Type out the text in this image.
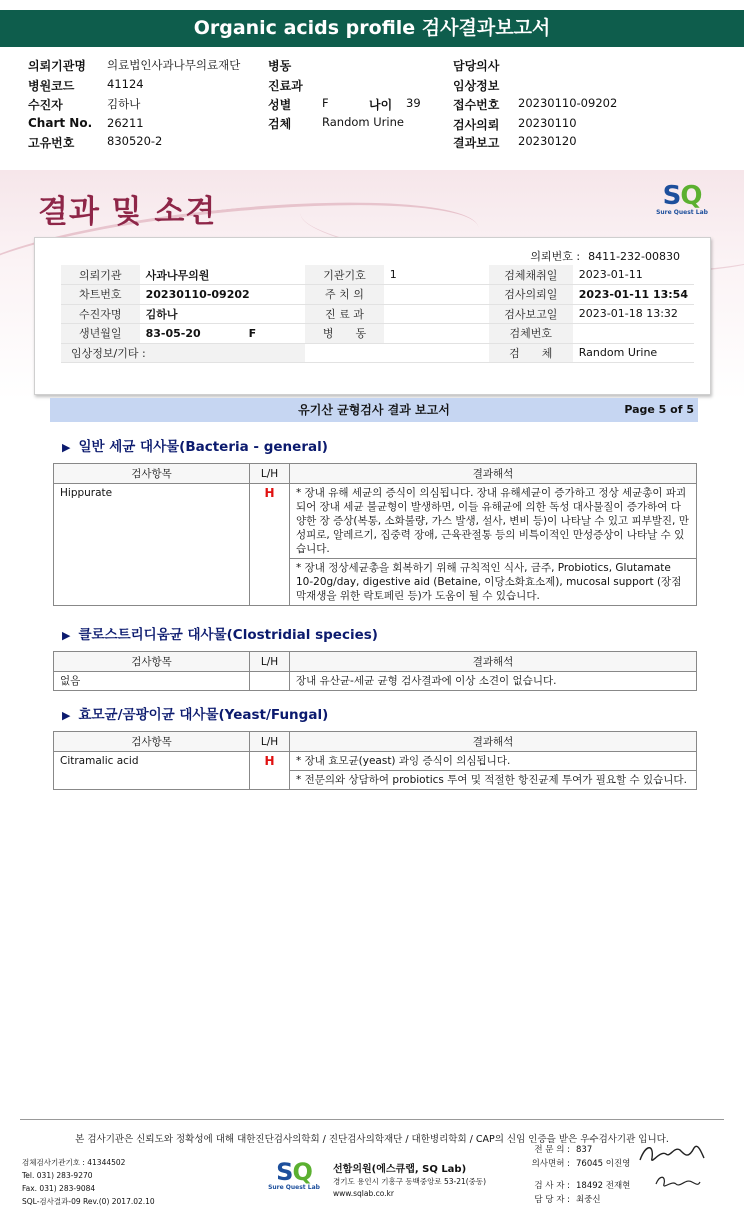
Organic acids profile 검사결과보고서
의뢰기관명 의료법인사과나무의료재단
병원코드	41124
수진자	김하나
Chart No. 26211
고유번호	830520-2
병동
진료과
성별	F	나이 39
검체	Random Urine
담당의사
임상정보
접수번호 20230110-09202
검사의뢰 20230110
결과보고 20230120
결과 및 소견	SQ
Sure Quest Lab
의뢰번호 : 8411-232-00830
의뢰기관	사과나무의원	기관기호	1	검체채취일	2023-01-11
차트번호	20230110-09202	주 치 의		검사의뢰일	2023-01-11 13:54
수진자명	김하나	진 료 과		검사보고일	2023-01-18 13:32
생년월일	83-05-20 F	병　　동		검체번호	
임상정보/기타 :				검　　체	Random Urine
유기산 균형검사 결과 보고서	Page 5 of 5
▶ 일반 세균 대사물(Bacteria - general)
검사항목	L/H	결과해석
Hippurate	H	* 장내 유해 세균의 증식이 의심됩니다. 장내 유해세균이 증가하고 정상 세균총이 파괴되어 장내 세균 불균형이 발생하면, 이들 유해균에 의한 독성 대사물질이 증가하여 다양한 장 증상(복통, 소화불량, 가스 발생, 설사, 변비 등)이 나타날 수 있고 피부발진, 만성피로, 알레르기, 집중력 장애, 근육관절통 등의 비특이적인 만성증상이 나타날 수 있습니다.
		* 장내 정상세균총을 회복하기 위해 규칙적인 식사, 금주, Probiotics, Glutamate 10-20g/day, digestive aid (Betaine, 이당소화효소제), mucosal support (장점막재생을 위한 락토페린 등)가 도움이 될 수 있습니다.
▶ 클로스트리디움균 대사물(Clostridial species)
검사항목	L/H	결과해석
없음		장내 유산균-세균 균형 검사결과에 이상 소견이 없습니다.
▶ 효모균/곰팡이균 대사물(Yeast/Fungal)
검사항목	L/H	결과해석
Citramalic acid	H	* 장내 효모균(yeast) 과잉 증식이 의심됩니다.
		* 전문의와 상담하여 probiotics 투여 및 적절한 항진균제 투여가 필요할 수 있습니다.
본 검사기관은 신뢰도와 정확성에 대해 대한진단검사의학회 / 진단검사의학재단 / 대한병리학회 / CAP의 신임 인증을 받은 우수검사기관 입니다.
검체검사기관기호 : 41344502
Tel. 031) 283-9270
Fax. 031) 283-9084
SQL-검사결과-09 Rev.(0) 2017.02.10
SQ
Sure Quest Lab
선함의원(에스큐랩, SQ Lab)
경기도 용인시 기흥구 동백중앙로 53-21(중동)
www.sqlab.co.kr
전 문 의 : 837
의사면허 : 76045 이진영
검 사 자 : 18492 전재현
담 당 자 : 최중신
